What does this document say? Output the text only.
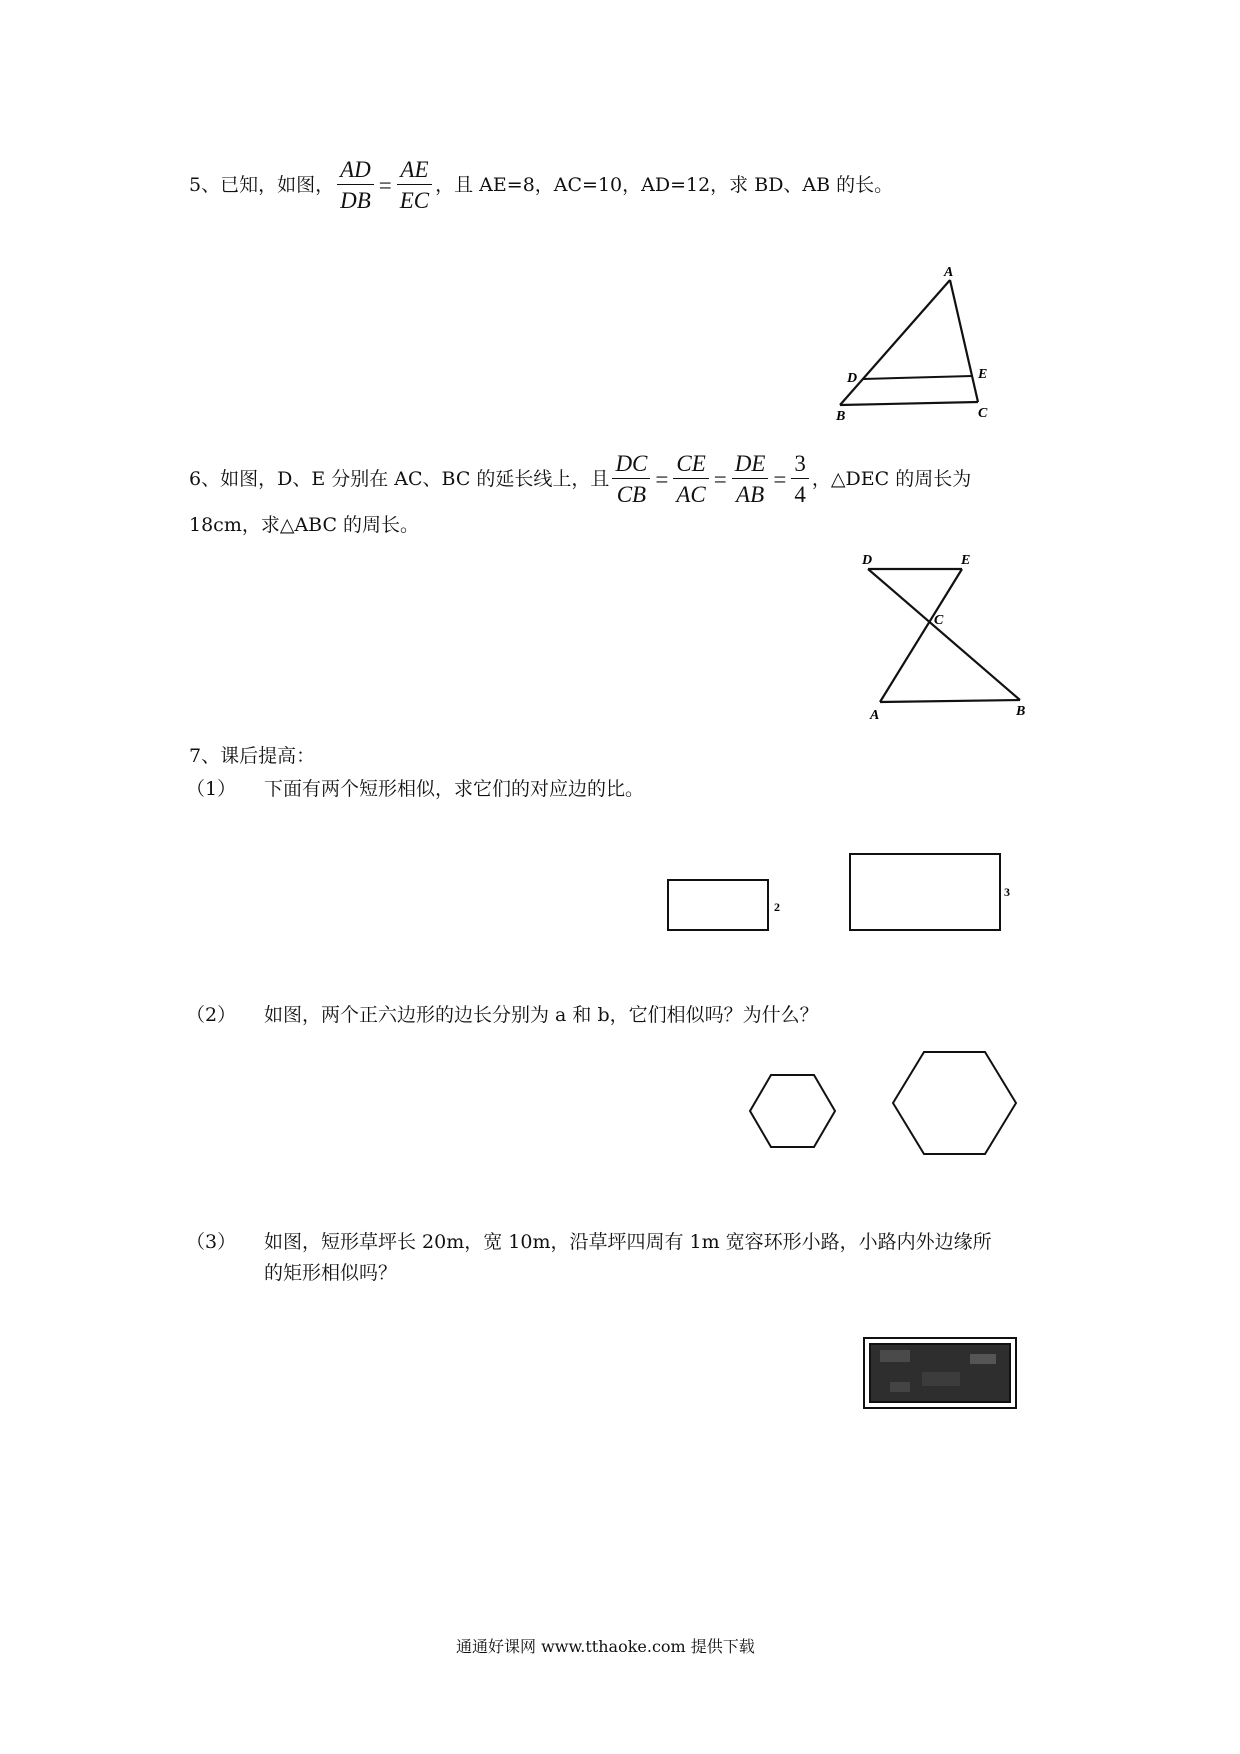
5、已知，如图， $\frac{AD}{DB} = \frac{AE}{EC}$ ，且 AE=8，AC=10，AD=12，求 BD、AB 的长。
A
D	E
B	C
6、如图，D、E 分别在 AC、BC 的延长线上，且 $\frac{DC}{CB} = \frac{CE}{AC} = \frac{DE}{AB} = \frac{3}{4}$ ，△DEC 的周长为
18cm，求△ABC 的周长。
D	E
C
A	B
7、课后提高：
（1） 下面有两个短形相似，求它们的对应边的比。
2
3
（2） 如图，两个正六边形的边长分别为 a 和 b，它们相似吗？为什么？
（3） 如图，短形草坪长 20m，宽 10m，沿草坪四周有 1m 宽容环形小路，小路内外边缘所
的矩形相似吗？
通通好课网 www.tthaoke.com 提供下载
